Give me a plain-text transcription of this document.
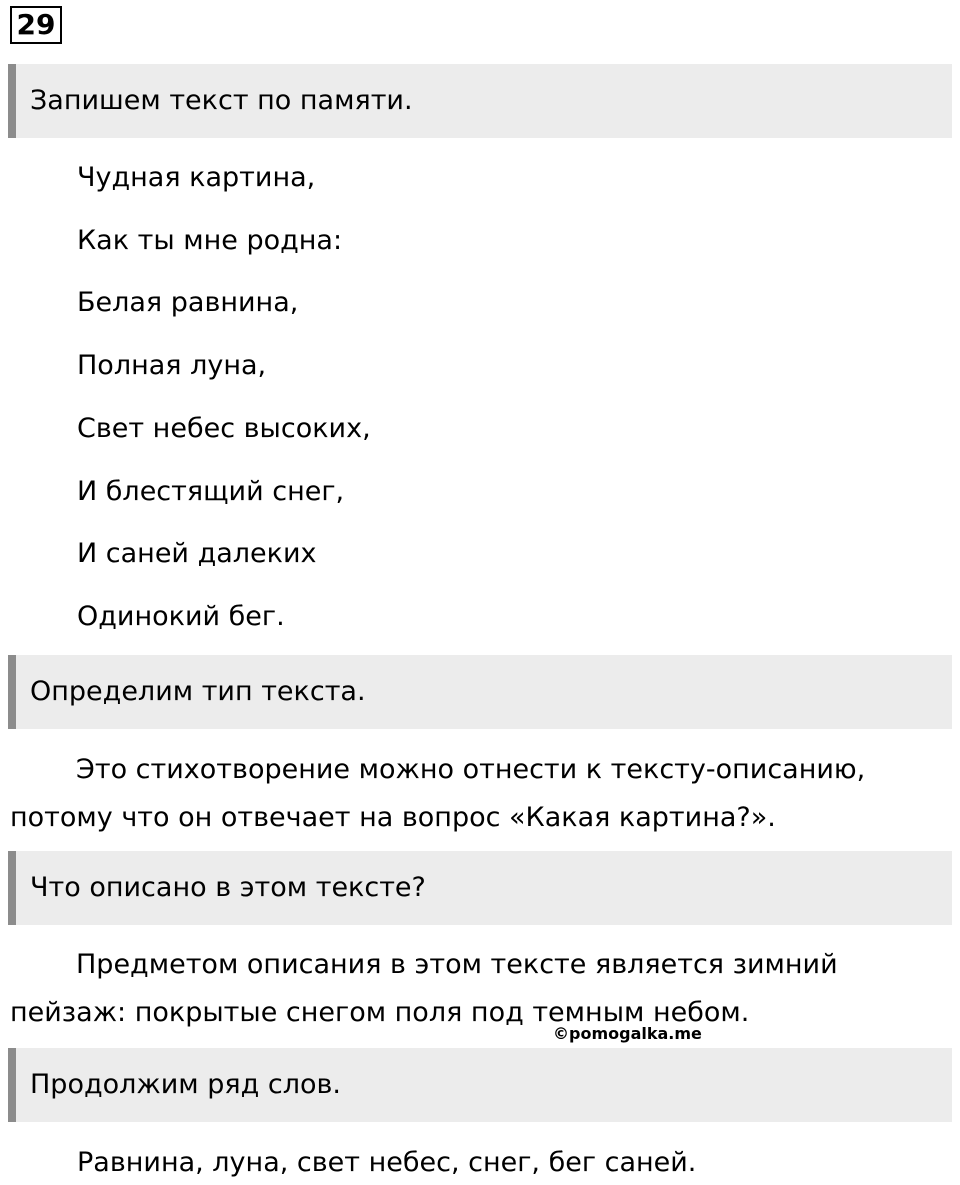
29
Запишем текст по памяти.
Чудная картина,
Как ты мне родна:
Белая равнина,
Полная луна,
Свет небес высоких,
И блестящий снег,
И саней далеких
Одинокий бег.
Определим тип текста.

Это стихотворение можно отнести к тексту-описанию, потому что он отвечает на вопрос «Какая картина?».

Что описано в этом тексте?

Предметом описания в этом тексте является зимний пейзаж: покрытые снегом поля под темным небом.

©pomogalka.me
Продолжим ряд слов.
Равнина, луна, свет небес, снег, бег саней.
